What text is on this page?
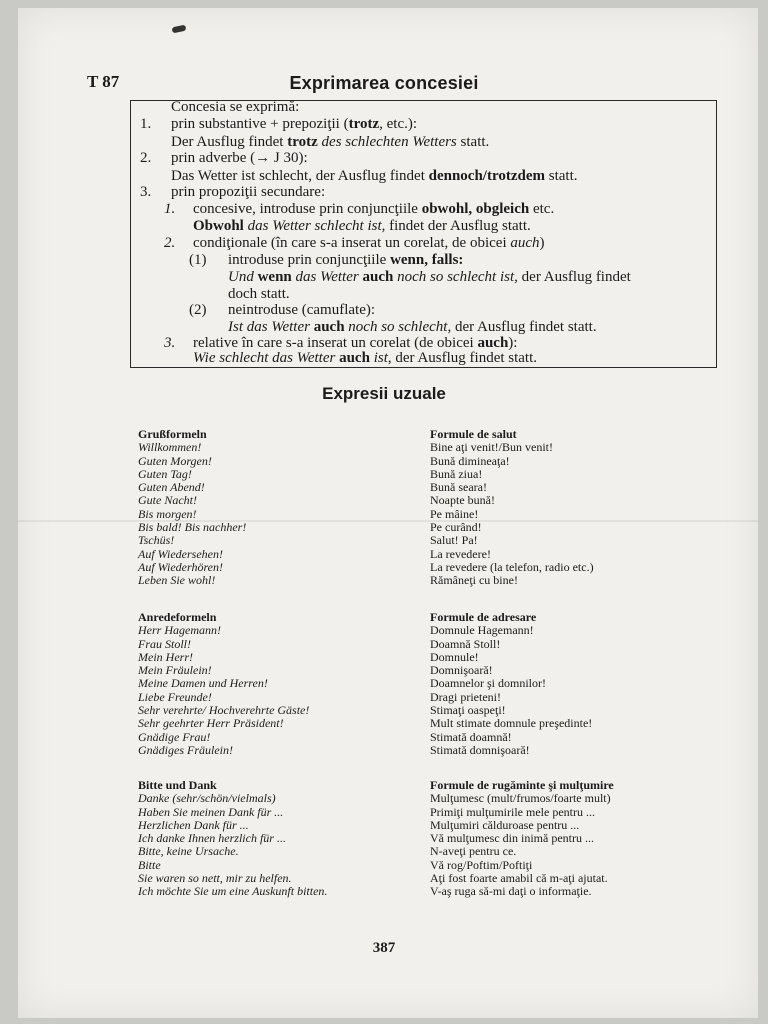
T 87	Exprimarea concesiei
Concesia se exprimă:
1. prin substantive + prepoziţii (trotz, etc.):
Der Ausflug findet trotz des schlechten Wetters statt.
2. prin adverbe (→ J 30):
Das Wetter ist schlecht, der Ausflug findet dennoch/trotzdem statt.
3. prin propoziţii secundare:
1. concesive, introduse prin conjuncţiile obwohl, obgleich etc.
Obwohl das Wetter schlecht ist, findet der Ausflug statt.
2. condiţionale (în care s-a inserat un corelat, de obicei auch)
(1) introduse prin conjuncţiile wenn, falls:
Und wenn das Wetter auch noch so schlecht ist, der Ausflug findet
doch statt.
(2) neintroduse (camuflate):
Ist das Wetter auch noch so schlecht, der Ausflug findet statt.
3. relative în care s-a inserat un corelat (de obicei auch):
Wie schlecht das Wetter auch ist, der Ausflug findet statt.
Expresii uzuale
Grußformeln
Willkommen!
Guten Morgen!
Guten Tag!
Guten Abend!
Gute Nacht!
Bis morgen!
Bis bald! Bis nachher!
Tschüs!
Auf Wiedersehen!
Auf Wiederhören!
Leben Sie wohl!
Formule de salut
Bine aţi venit!/Bun venit!
Bună dimineaţa!
Bună ziua!
Bună seara!
Noapte bună!
Pe mâine!
Pe curând!
Salut! Pa!
La revedere!
La revedere (la telefon, radio etc.)
Rămâneţi cu bine!
Anredeformeln
Herr Hagemann!
Frau Stoll!
Mein Herr!
Mein Fräulein!
Meine Damen und Herren!
Liebe Freunde!
Sehr verehrte/ Hochverehrte Gäste!
Sehr geehrter Herr Präsident!
Gnädige Frau!
Gnädiges Fräulein!
Formule de adresare
Domnule Hagemann!
Doamnă Stoll!
Domnule!
Domnişoară!
Doamnelor şi domnilor!
Dragi prieteni!
Stimaţi oaspeţi!
Mult stimate domnule preşedinte!
Stimată doamnă!
Stimată domnişoară!
Bitte und Dank
Danke (sehr/schön/vielmals)
Haben Sie meinen Dank für ...
Herzlichen Dank für ...
Ich danke Ihnen herzlich für ...
Bitte, keine Ursache.
Bitte
Sie waren so nett, mir zu helfen.
Ich möchte Sie um eine Auskunft bitten.
Formule de rugăminte şi mulţumire
Mulţumesc (mult/frumos/foarte mult)
Primiţi mulţumirile mele pentru ...
Mulţumiri călduroase pentru ...
Vă mulţumesc din inimă pentru ...
N-aveţi pentru ce.
Vă rog/Poftim/Poftiţi
Aţi fost foarte amabil că m-aţi ajutat.
V-aş ruga să-mi daţi o informaţie.
387
